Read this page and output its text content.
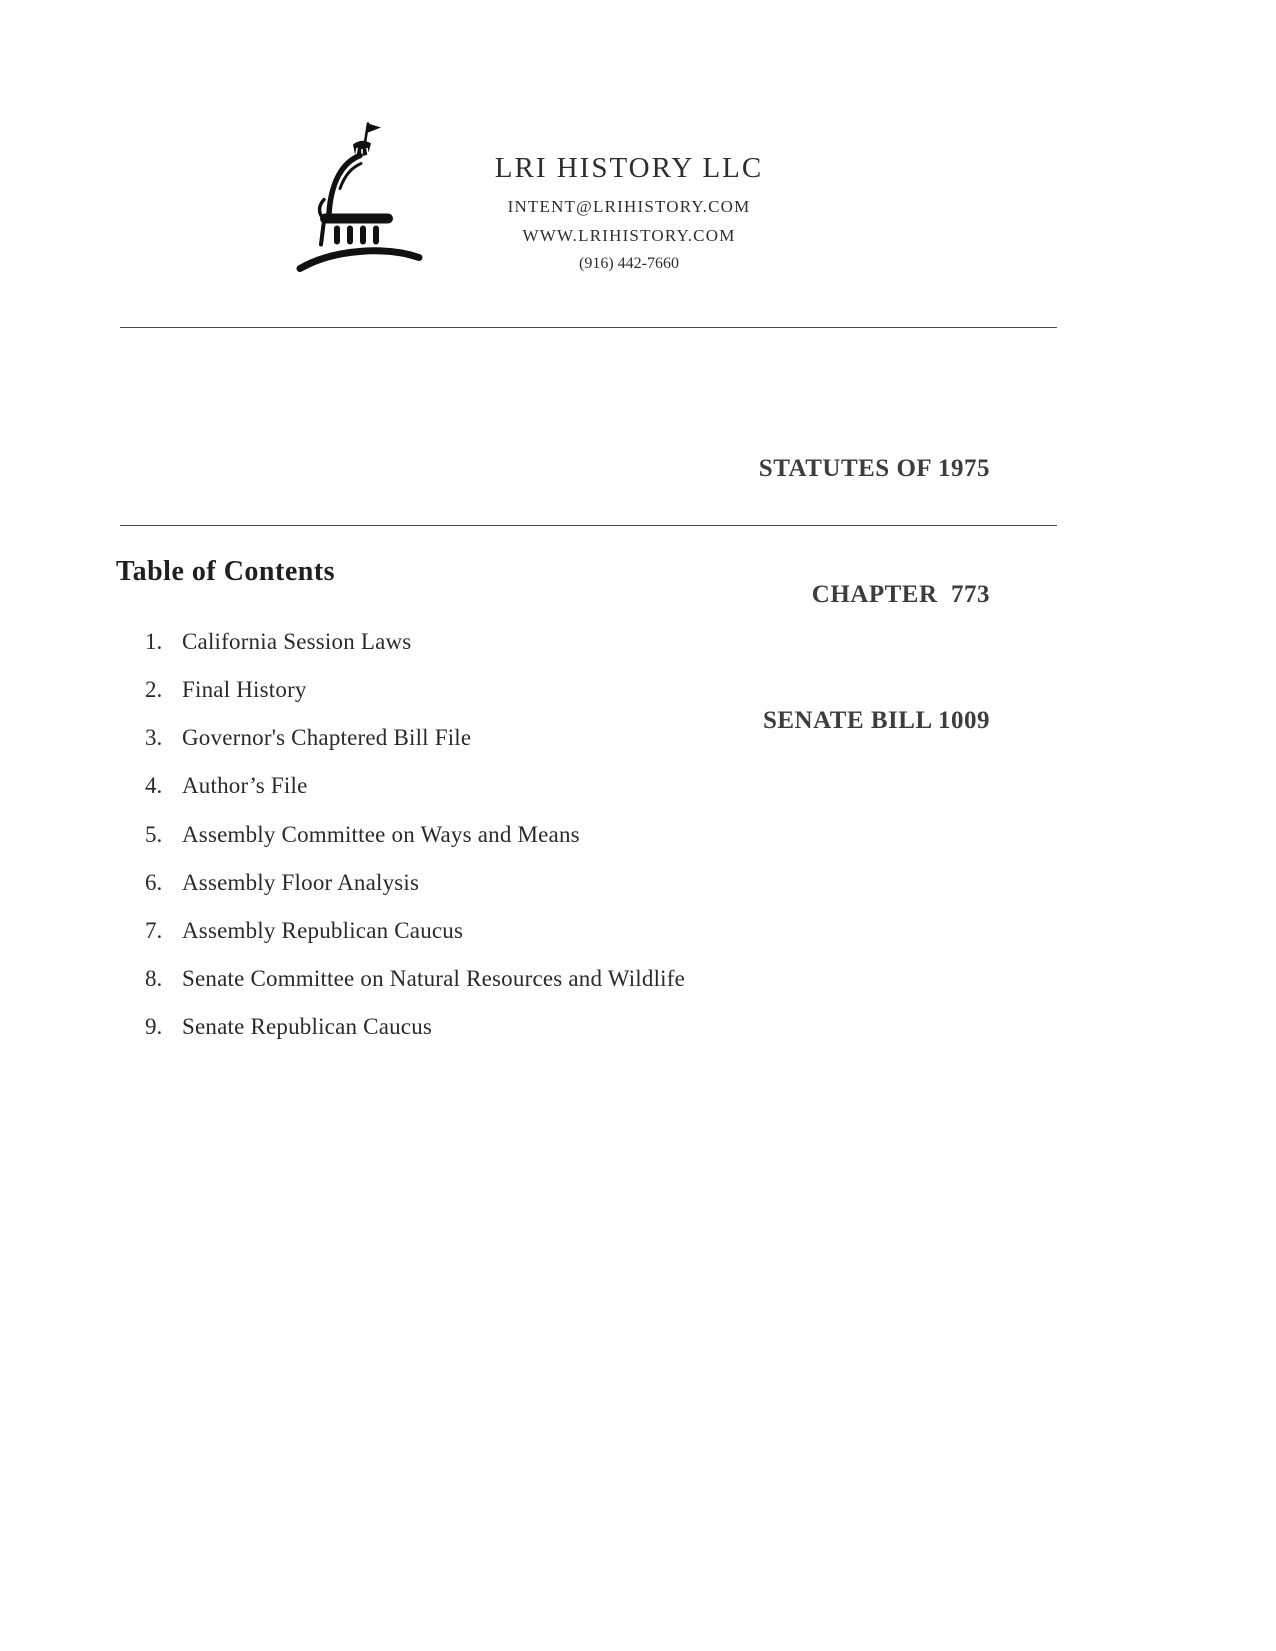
LRI HISTORY LLC
INTENT@LRIHISTORY.COM
WWW.LRIHISTORY.COM
(916) 442-7660

STATUTES OF 1975

CHAPTER  773

SENATE BILL 1009

Table of Contents
1. California Session Laws
2. Final History
3. Governor's Chaptered Bill File
4. Author’s File
5. Assembly Committee on Ways and Means
6. Assembly Floor Analysis
7. Assembly Republican Caucus
8. Senate Committee on Natural Resources and Wildlife
9. Senate Republican Caucus
